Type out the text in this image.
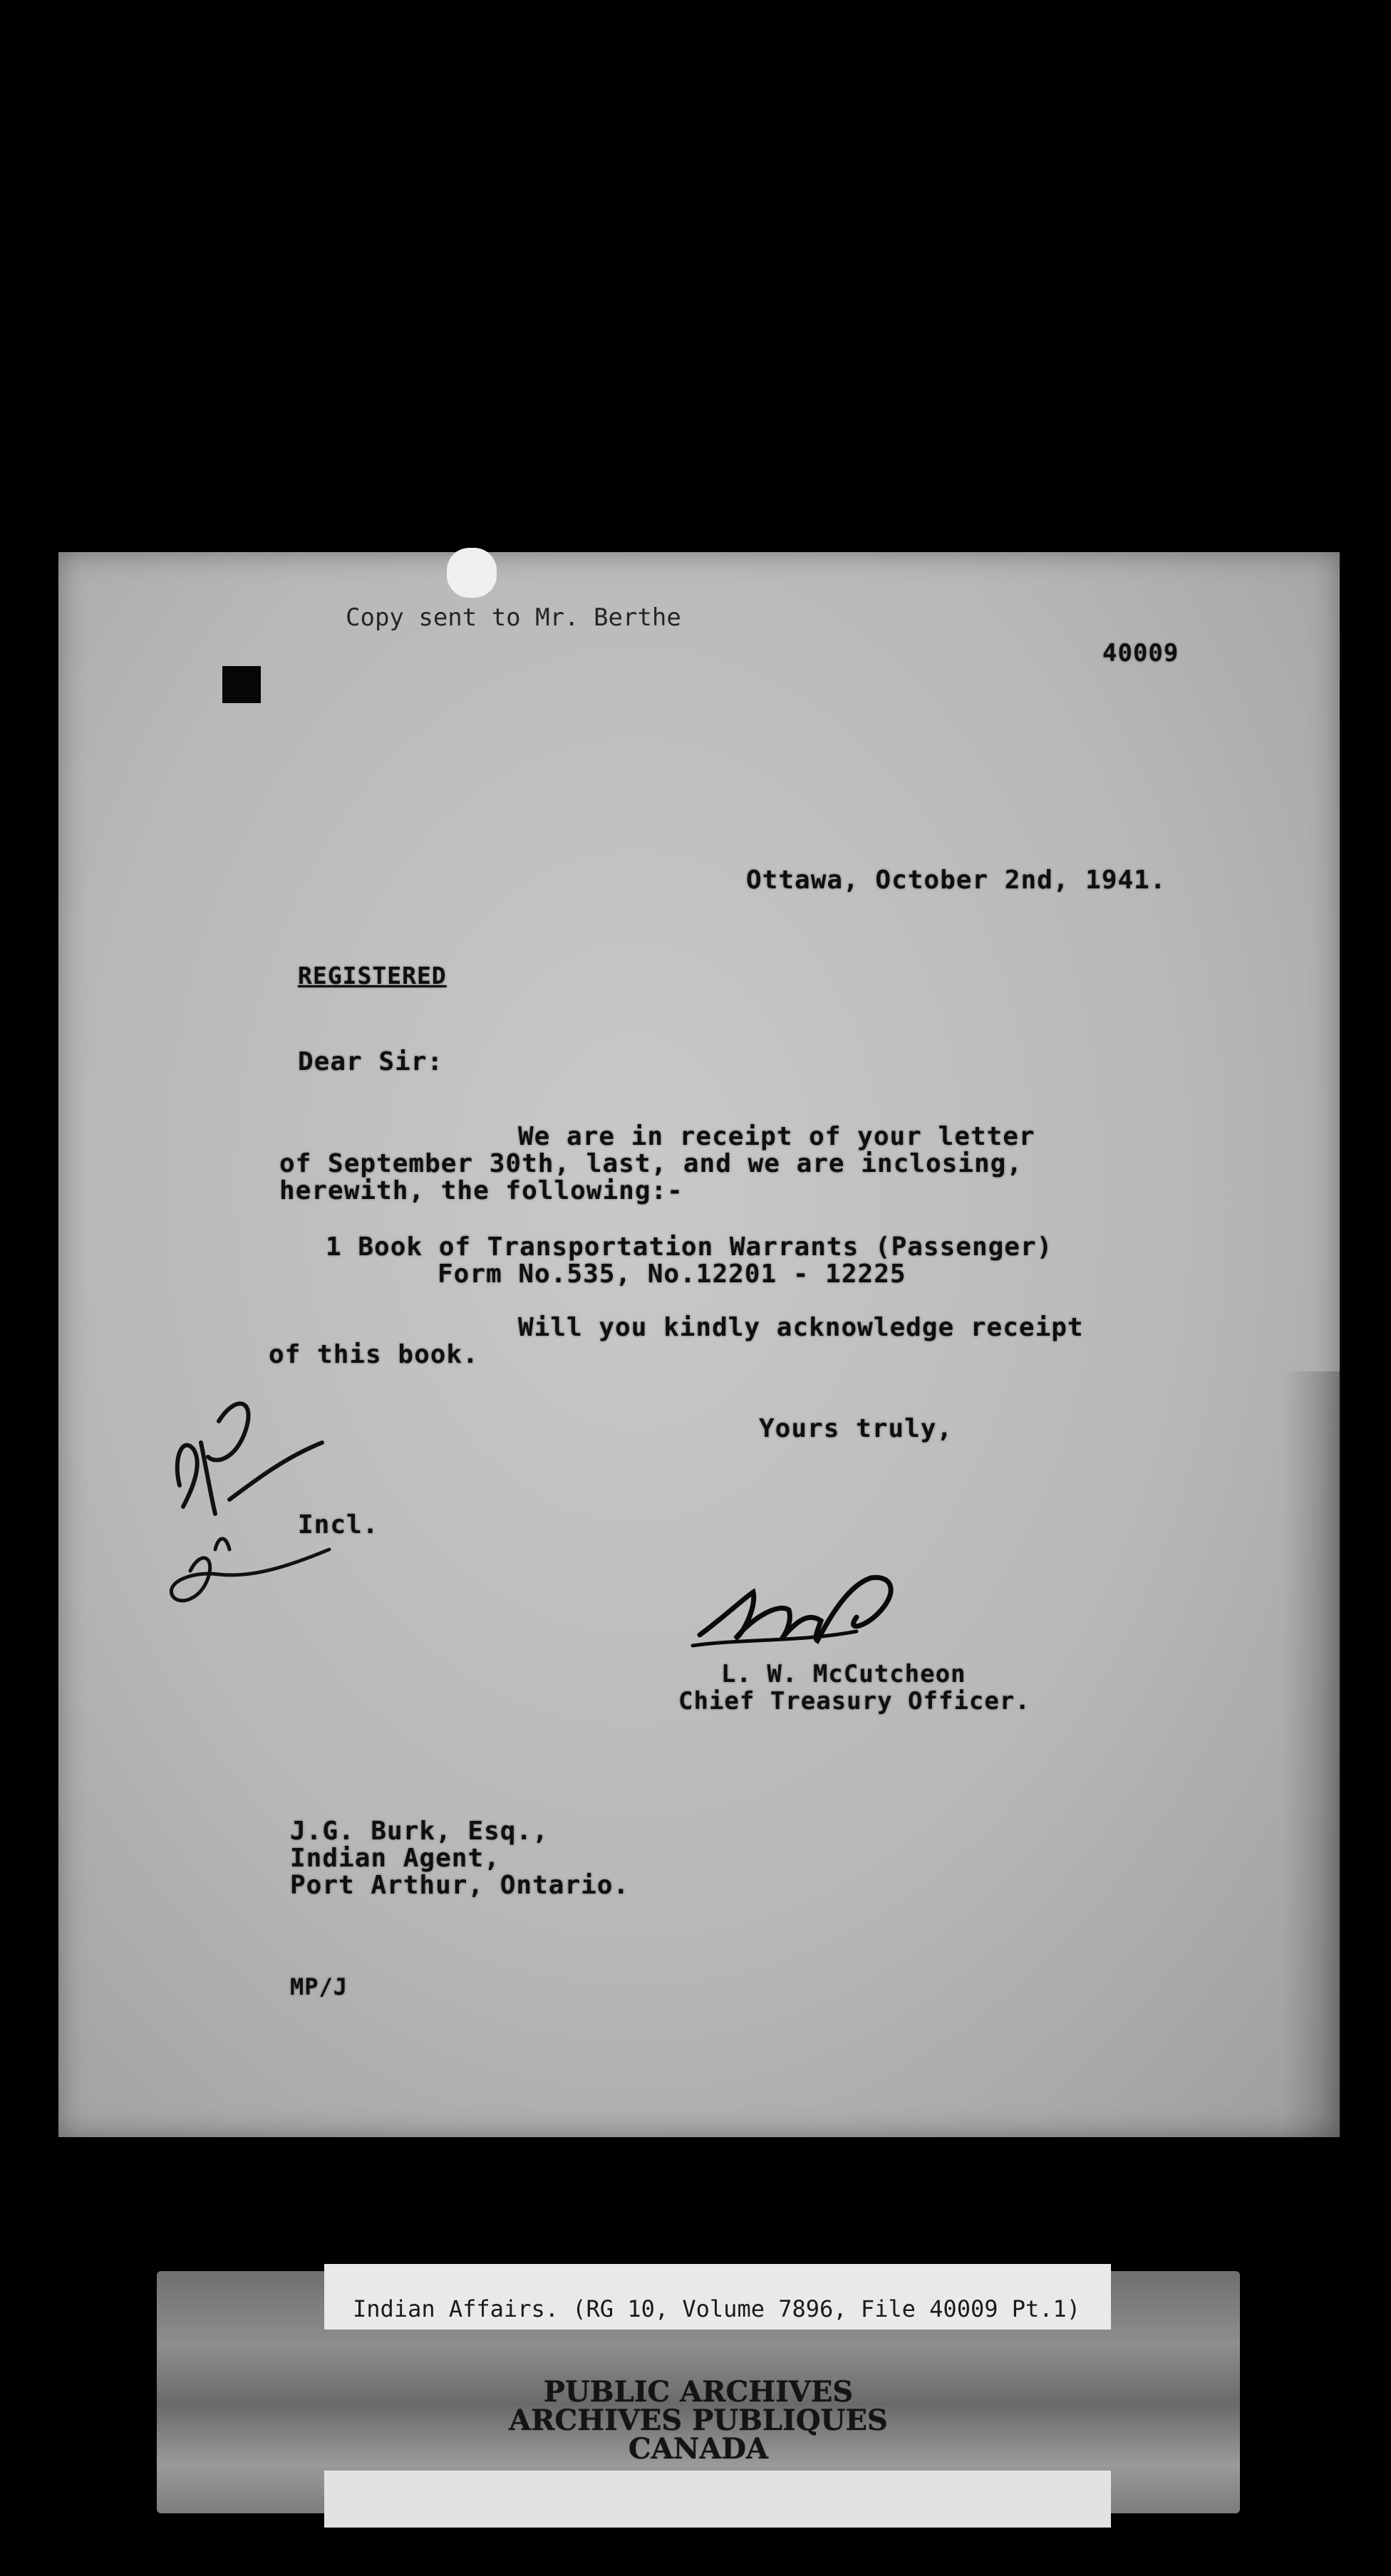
Copy sent to Mr. Berthe
40009
Ottawa, October 2nd, 1941.
REGISTERED
Dear Sir:
We are in receipt of your letter
of September 30th, last, and we are inclosing,
herewith, the following:-
1 Book of Transportation Warrants (Passenger)
Form No.535, No.12201 - 12225
Will you kindly acknowledge receipt
of this book.
Yours truly,
Incl.
L. W. McCutcheon
Chief Treasury Officer.
J.G. Burk, Esq.,
Indian Agent,
Port Arthur, Ontario.
MP/J
Indian Affairs. (RG 10, Volume 7896, File 40009 Pt.1)
PUBLIC ARCHIVES
ARCHIVES PUBLIQUES
CANADA
